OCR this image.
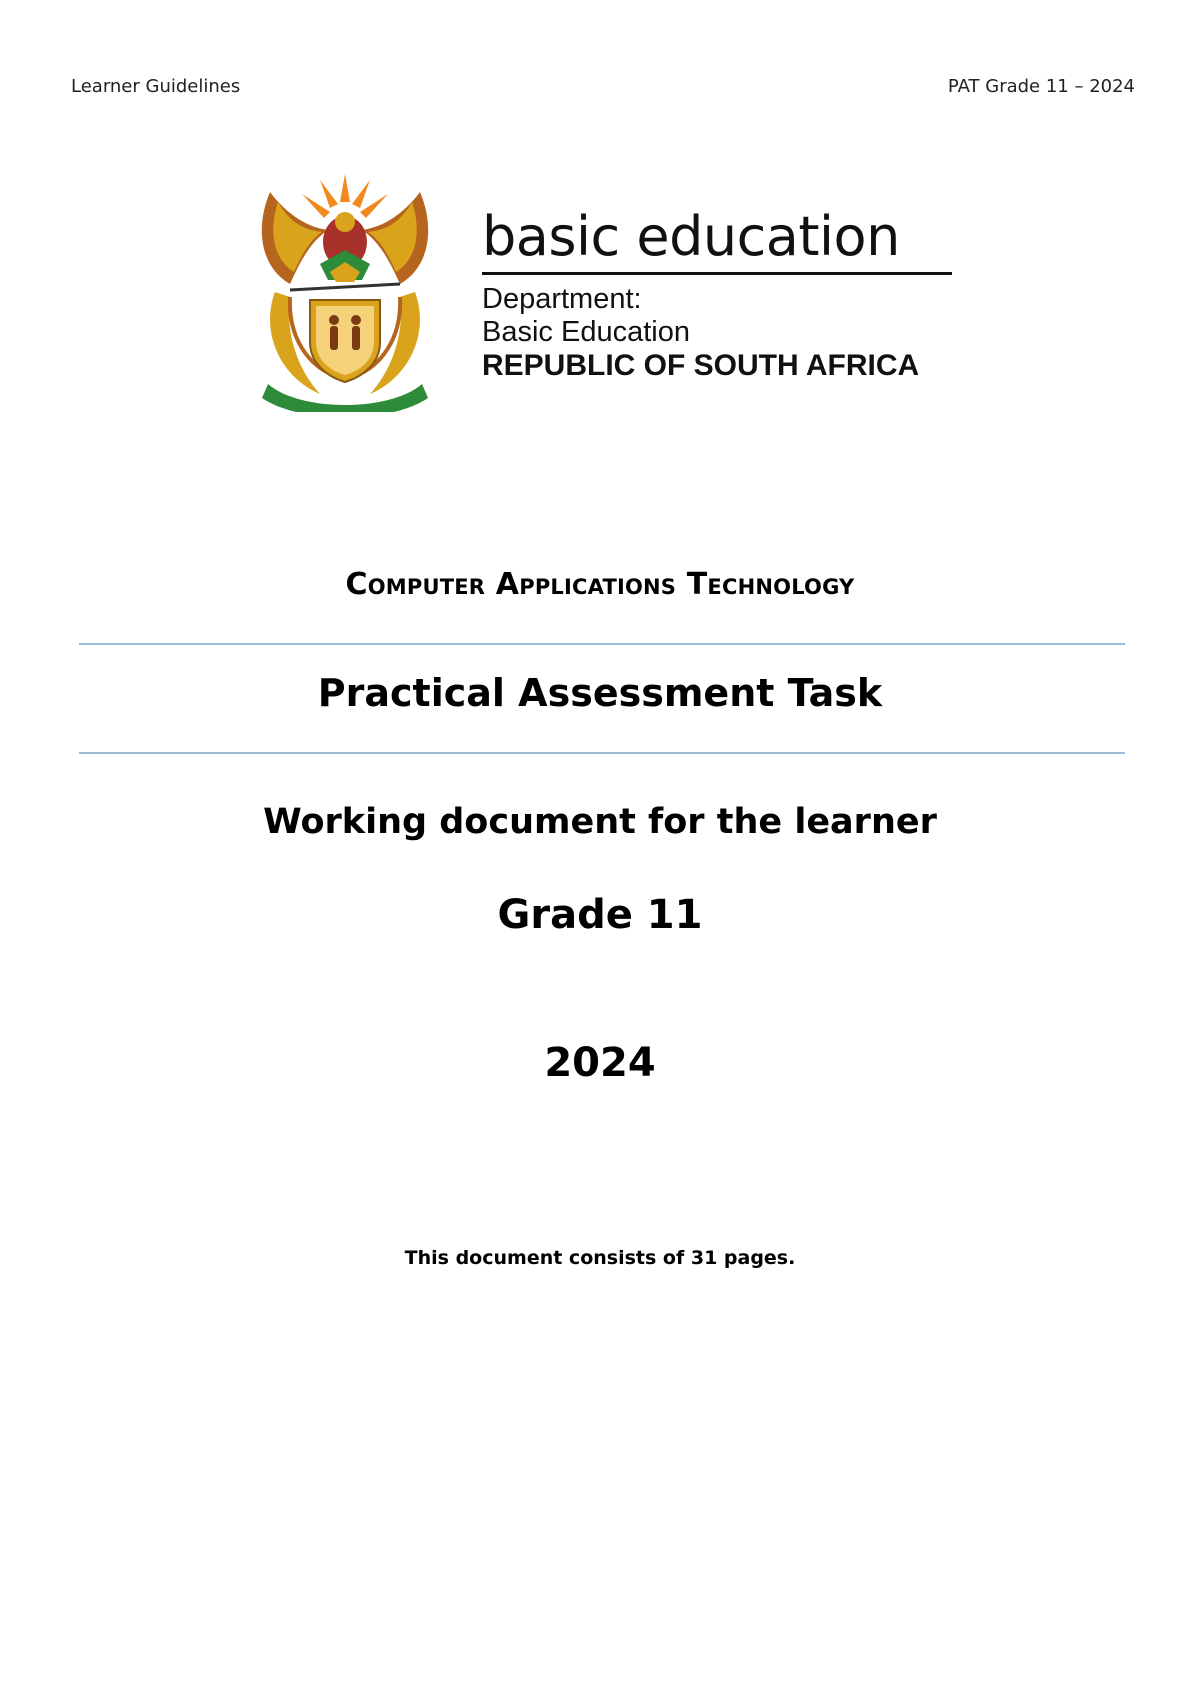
Learner Guidelines	PAT Grade 11 – 2024
basic education
Department:
Basic Education
REPUBLIC OF SOUTH AFRICA
Computer Applications Technology
Practical Assessment Task
Working document for the learner
Grade 11
2024
This document consists of 31 pages.
